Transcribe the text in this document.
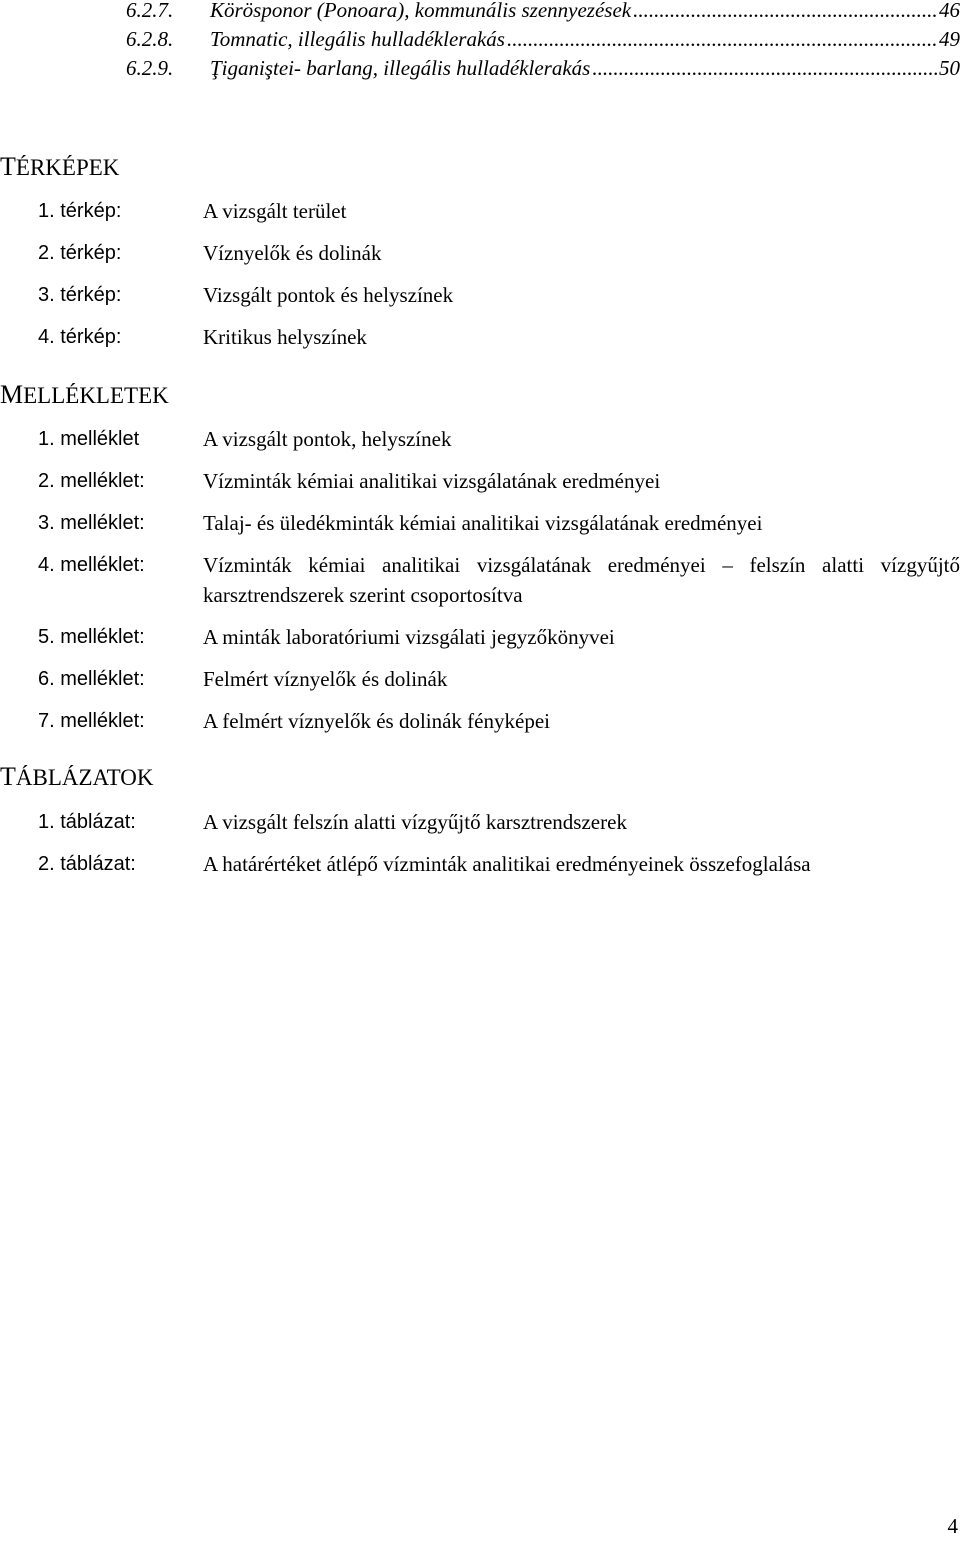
6.2.7.	Körösponor (Ponoara), kommunális szennyezések .....	46
6.2.8.	Tomnatic, illegális hulladéklerakás .....	49
6.2.9.	Ţiganiştei- barlang, illegális hulladéklerakás .....	50
TÉRKÉPEK
1. térkép:	A vizsgált terület
2. térkép:	Víznyelők és dolinák
3. térkép:	Vizsgált pontok és helyszínek
4. térkép:	Kritikus helyszínek
MELLÉKLETEK
1. melléklet	A vizsgált pontok, helyszínek
2. melléklet:	Vízminták kémiai analitikai vizsgálatának eredményei
3. melléklet:	Talaj- és üledékminták kémiai analitikai vizsgálatának eredményei
4. melléklet:	Vízminták kémiai analitikai vizsgálatának eredményei – felszín alatti vízgyűjtő karsztrendszerek szerint csoportosítva
5. melléklet:	A minták laboratóriumi vizsgálati jegyzőkönyvei
6. melléklet:	Felmért víznyelők és dolinák
7. melléklet:	A felmért víznyelők és dolinák fényképei
TÁBLÁZATOK
1. táblázat:	A vizsgált felszín alatti vízgyűjtő karsztrendszerek
2. táblázat:	A határértéket átlépő vízminták analitikai eredményeinek összefoglalása
4
